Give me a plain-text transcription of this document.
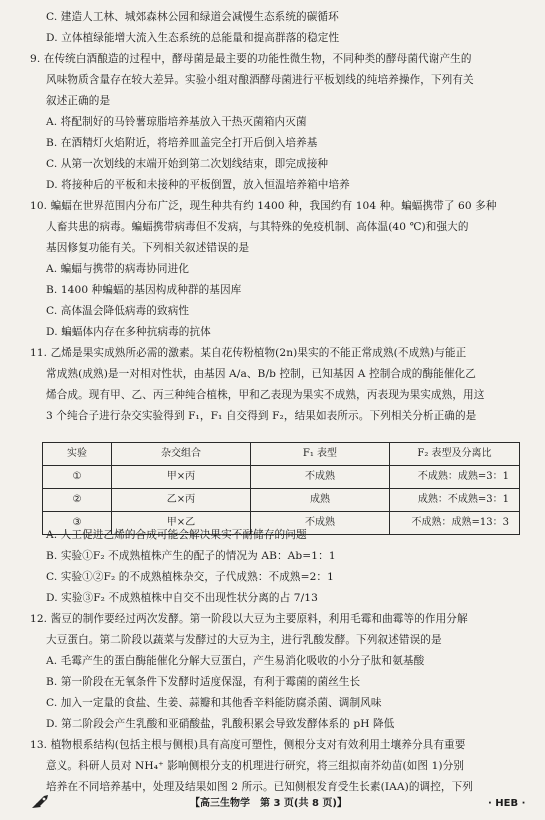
C. 建造人工林、城郊森林公园和绿道会减慢生态系统的碳循环
D. 立体植绿能增大流入生态系统的总能量和提高群落的稳定性
9. 在传统白酒酿造的过程中，酵母菌是最主要的功能性微生物，不同种类的酵母菌代谢产生的
风味物质含量存在较大差异。实验小组对酿酒酵母菌进行平板划线的纯培养操作，下列有关
叙述正确的是
A. 将配制好的马铃薯琼脂培养基放入干热灭菌箱内灭菌
B. 在酒精灯火焰附近，将培养皿盖完全打开后倒入培养基
C. 从第一次划线的末端开始到第二次划线结束，即完成接种
D. 将接种后的平板和未接种的平板倒置，放入恒温培养箱中培养
10. 蝙蝠在世界范围内分布广泛，现生种共有约 1400 种，我国约有 104 种。蝙蝠携带了 60 多种
人畜共患的病毒。蝙蝠携带病毒但不发病，与其特殊的免疫机制、高体温(40 ℃)和强大的
基因修复功能有关。下列相关叙述错误的是
A. 蝙蝠与携带的病毒协同进化
B. 1400 种蝙蝠的基因构成种群的基因库
C. 高体温会降低病毒的致病性
D. 蝙蝠体内存在多种抗病毒的抗体
11. 乙烯是果实成熟所必需的激素。某自花传粉植物(2n)果实的不能正常成熟(不成熟)与能正
常成熟(成熟)是一对相对性状，由基因 A/a、B/b 控制，已知基因 A 控制合成的酶能催化乙
烯合成。现有甲、乙、丙三种纯合植株，甲和乙表现为果实不成熟，丙表现为果实成熟，用这
3 个纯合子进行杂交实验得到 F₁，F₁ 自交得到 F₂，结果如表所示。下列相关分析正确的是
实验	杂交组合	F₁ 表型	F₂ 表型及分离比
①	甲×丙	不成熟	不成熟：成熟=3：1
②	乙×丙	成熟	成熟：不成熟=3：1
③	甲×乙	不成熟	不成熟：成熟=13：3
A. 人工促进乙烯的合成可能会解决果实不耐储存的问题
B. 实验①F₂ 不成熟植株产生的配子的情况为 AB：Ab=1：1
C. 实验①②F₂ 的不成熟植株杂交，子代成熟：不成熟=2：1
D. 实验③F₂ 不成熟植株中自交不出现性状分离的占 7/13
12. 酱豆的制作要经过两次发酵。第一阶段以大豆为主要原料，利用毛霉和曲霉等的作用分解
大豆蛋白。第二阶段以蔬菜与发酵过的大豆为主，进行乳酸发酵。下列叙述错误的是
A. 毛霉产生的蛋白酶能催化分解大豆蛋白，产生易消化吸收的小分子肽和氨基酸
B. 第一阶段在无氧条件下发酵时适度保湿，有利于霉菌的菌丝生长
C. 加入一定量的食盐、生姜、蒜瓣和其他香辛料能防腐杀菌、调制风味
D. 第二阶段会产生乳酸和亚硝酸盐，乳酸积累会导致发酵体系的 pH 降低
13. 植物根系结构(包括主根与侧根)具有高度可塑性，侧根分支对有效利用土壤养分具有重要
意义。科研人员对 NH₄⁺ 影响侧根分支的机理进行研究，将三组拟南芥幼苗(如图 1)分别
培养在不同培养基中，处理及结果如图 2 所示。已知侧根发育受生长素(IAA)的调控，下列
【高三生物学　第 3 页(共 8 页)】	· HEB ·
